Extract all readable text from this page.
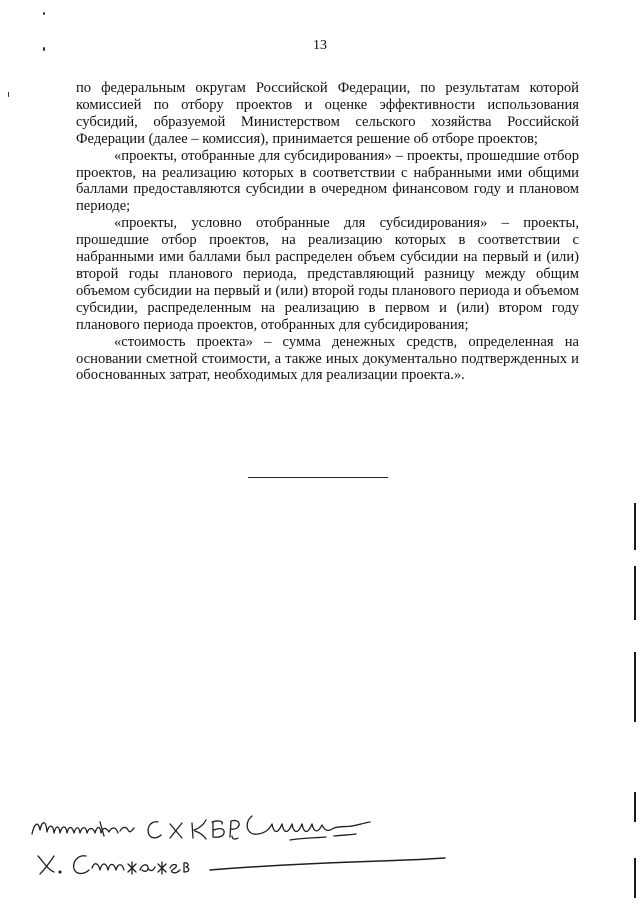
13

по федеральным округам Российской Федерации, по результатам которой комиссией по отбору проектов и оценке эффективности использования субсидий, образуемой Министерством сельского хозяйства Российской Федерации (далее – комиссия), принимается решение об отборе проектов;

«проекты, отобранные для субсидирования» – проекты, прошедшие отбор проектов, на реализацию которых в соответствии с набранными ими общими баллами предоставляются субсидии в очередном финансовом году и плановом периоде;

«проекты, условно отобранные для субсидирования» – проекты, прошедшие отбор проектов, на реализацию которых в соответствии с набранными ими баллами был распределен объем субсидии на первый и (или) второй годы планового периода, представляющий разницу между общим объемом субсидии на первый и (или) второй годы планового периода и объемом субсидии, распределенным на реализацию в первом и (или) втором году планового периода проектов, отобранных для субсидирования;

«стоимость проекта» – сумма денежных средств, определенная на основании сметной стоимости, а также иных документально подтвержденных и обоснованных затрат, необходимых для реализации проекта.».
